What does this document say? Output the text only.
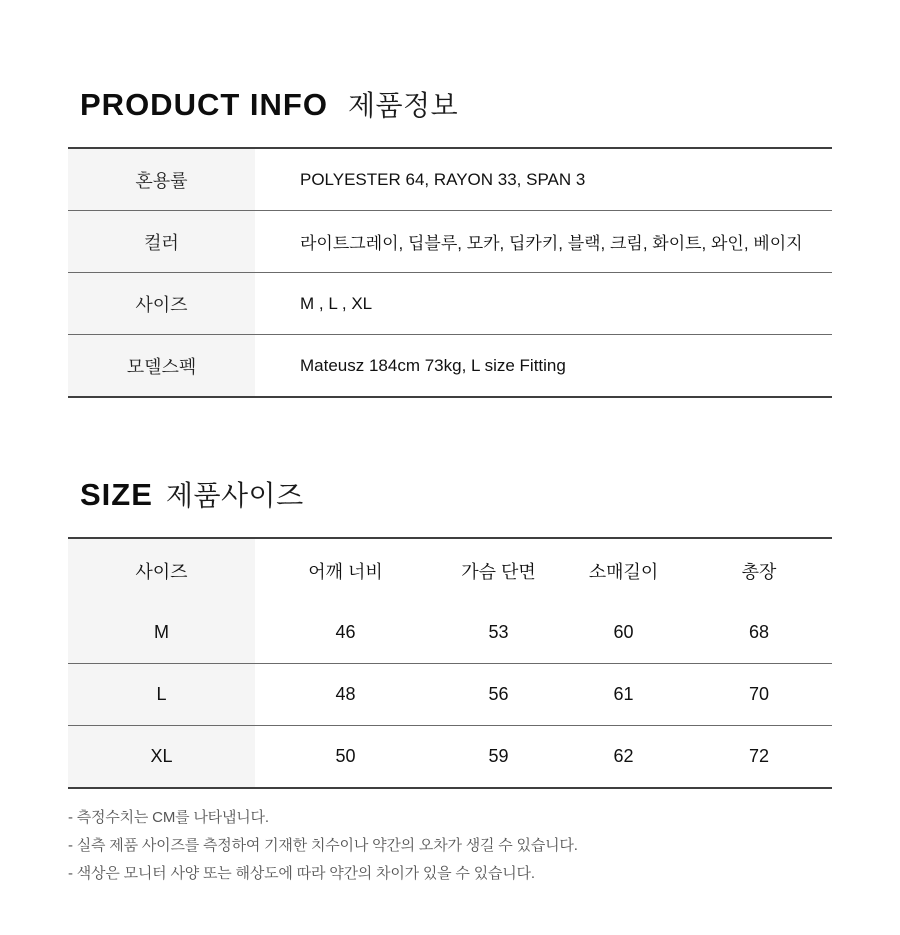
PRODUCT INFO 제품정보
혼용률	POLYESTER 64, RAYON 33, SPAN 3
컬러	라이트그레이, 딥블루, 모카, 딥카키, 블랙, 크림, 화이트, 와인, 베이지
사이즈	M , L , XL
모델스펙	Mateusz 184cm 73kg, L size Fitting
SIZE 제품사이즈
사이즈	어깨 너비	가슴 단면	소매길이	총장
M	46	53	60	68
L	48	56	61	70
XL	50	59	62	72
- 측정수치는 CM를 나타냅니다.
- 실측 제품 사이즈를 측정하여 기재한 치수이나 약간의 오차가 생길 수 있습니다.
- 색상은 모니터 사양 또는 해상도에 따라 약간의 차이가 있을 수 있습니다.
